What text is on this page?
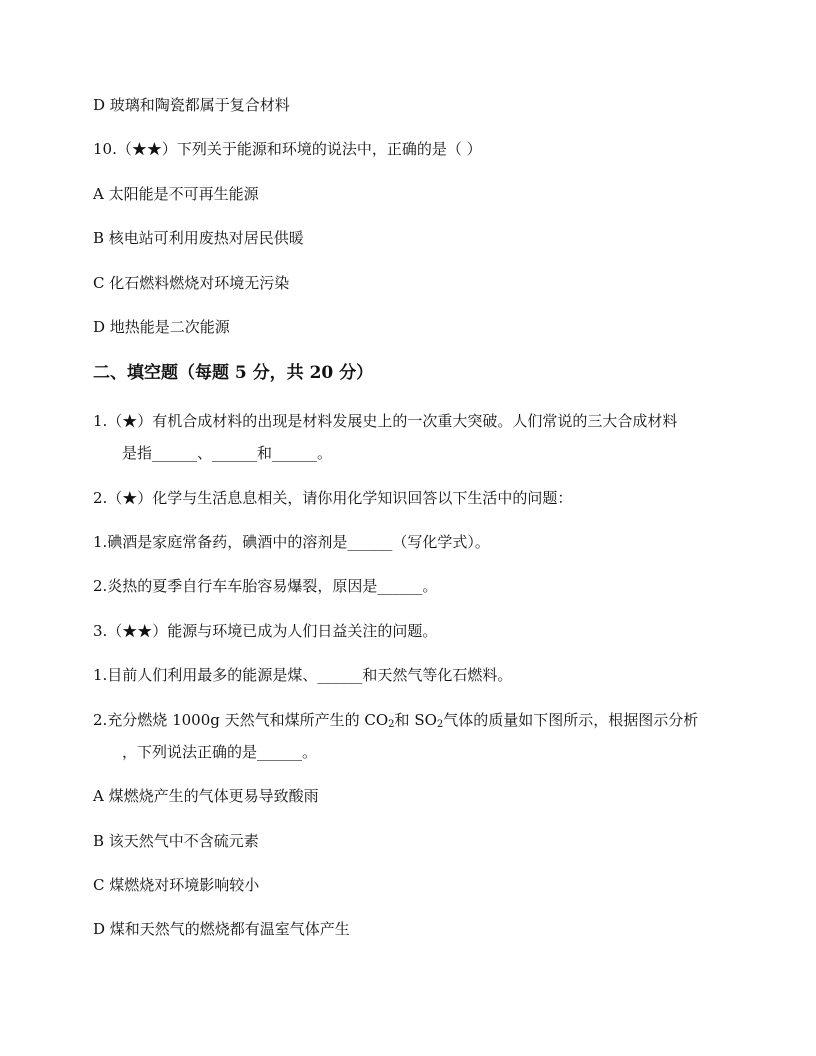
D 玻璃和陶瓷都属于复合材料
10.（★★）下列关于能源和环境的说法中，正确的是（ ）
A 太阳能是不可再生能源
B 核电站可利用废热对居民供暖
C 化石燃料燃烧对环境无污染
D 地热能是二次能源
二、填空题（每题 5 分，共 20 分）
1.（★）有机合成材料的出现是材料发展史上的一次重大突破。人们常说的三大合成材料
是指______、______和______。
2.（★）化学与生活息息相关，请你用化学知识回答以下生活中的问题：
1.碘酒是家庭常备药，碘酒中的溶剂是______（写化学式）。
2.炎热的夏季自行车车胎容易爆裂，原因是______。
3.（★★）能源与环境已成为人们日益关注的问题。
1.目前人们利用最多的能源是煤、______和天然气等化石燃料。
2.充分燃烧 1000g 天然气和煤所产生的 $CO_2$和 $SO_2$气体的质量如下图所示，根据图示分析
，下列说法正确的是______。
A 煤燃烧产生的气体更易导致酸雨
B 该天然气中不含硫元素
C 煤燃烧对环境影响较小
D 煤和天然气的燃烧都有温室气体产生
